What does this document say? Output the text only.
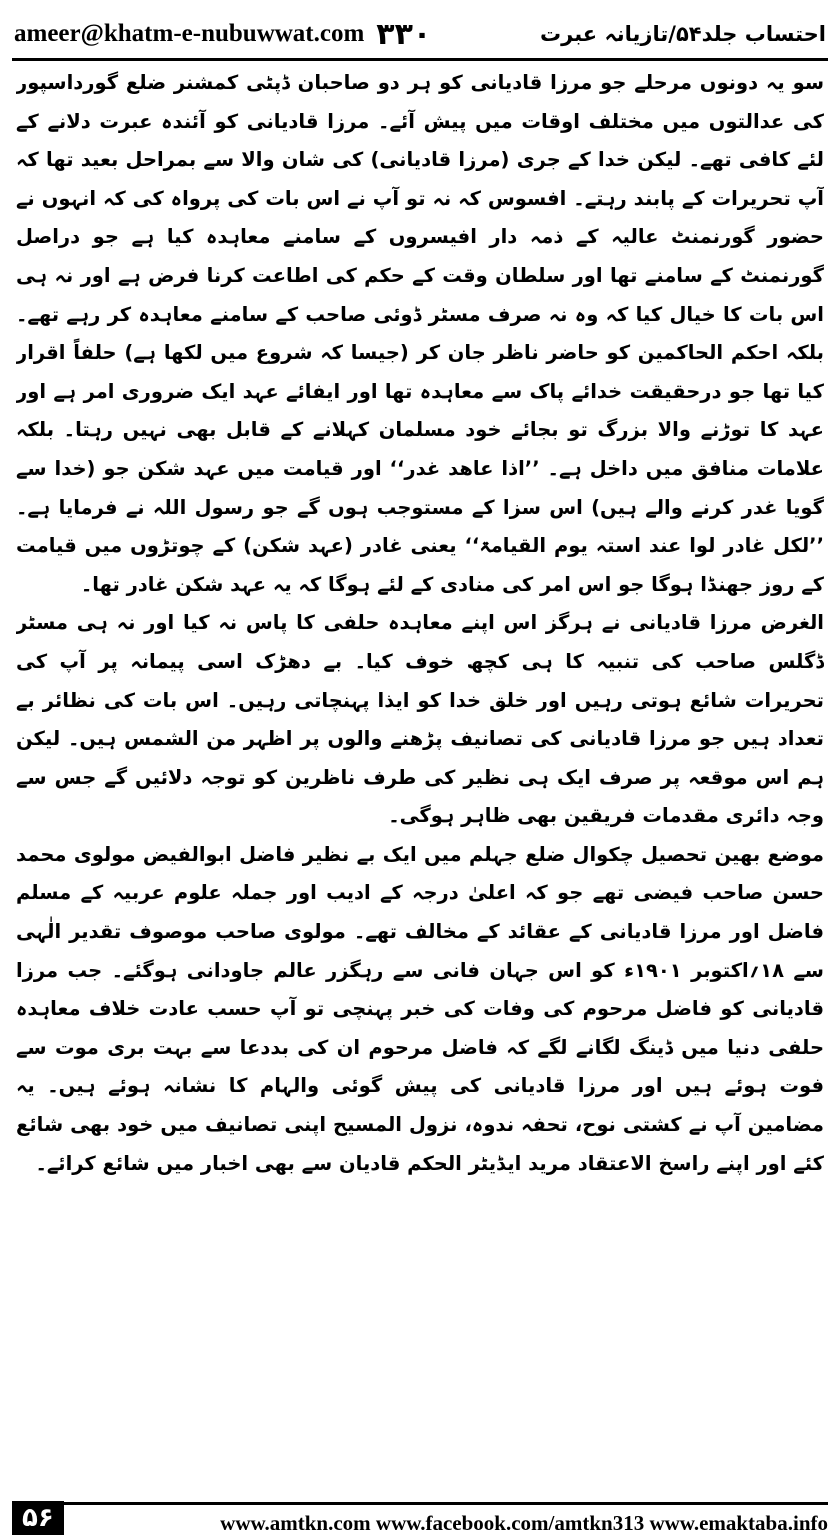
ameer@khatm-e-nubuwwat.com ۳۳۰	احتساب جلد۵۴/تازیانہ عبرت

سو یہ دونوں مرحلے جو مرزا قادیانی کو ہر دو صاحبان ڈپٹی کمشنر ضلع گورداسپور کی عدالتوں میں مختلف اوقات میں پیش آئے۔ مرزا قادیانی کو آئندہ عبرت دلانے کے لئے کافی تھے۔ لیکن خدا کے جری (مرزا قادیانی) کی شان والا سے بمراحل بعید تھا کہ آپ تحریرات کے پابند رہتے۔ افسوس کہ نہ تو آپ نے اس بات کی پرواہ کی کہ انہوں نے حضور گورنمنٹ عالیہ کے ذمہ دار افیسروں کے سامنے معاہدہ کیا ہے جو دراصل گورنمنٹ کے سامنے تھا اور سلطان وقت کے حکم کی اطاعت کرنا فرض ہے اور نہ ہی اس بات کا خیال کیا کہ وہ نہ صرف مسٹر ڈوئی صاحب کے سامنے معاہدہ کر رہے تھے۔ بلکہ احکم الحاکمین کو حاضر ناظر جان کر (جیسا کہ شروع میں لکھا ہے) حلفاً اقرار کیا تھا جو درحقیقت خدائے پاک سے معاہدہ تھا اور ایفائے عہد ایک ضروری امر ہے اور عہد کا توڑنے والا بزرگ تو بجائے خود مسلمان کہلانے کے قابل بھی نہیں رہتا۔ بلکہ علامات منافق میں داخل ہے۔ ’’اذا عاھد غدر‘‘ اور قیامت میں عہد شکن جو (خدا سے گویا غدر کرنے والے ہیں) اس سزا کے مستوجب ہوں گے جو رسول اللہ نے فرمایا ہے۔ ’’لکل غادر لوا عند استہ یوم القیامۃ‘‘ یعنی غادر (عہد شکن) کے چوتڑوں میں قیامت کے روز جھنڈا ہوگا جو اس امر کی منادی کے لئے ہوگا کہ یہ عہد شکن غادر تھا۔

الغرض مرزا قادیانی نے ہرگز اس اپنے معاہدہ حلفی کا پاس نہ کیا اور نہ ہی مسٹر ڈگلس صاحب کی تنبیہ کا ہی کچھ خوف کیا۔ بے دھڑک اسی پیمانہ پر آپ کی تحریرات شائع ہوتی رہیں اور خلق خدا کو ایذا پہنچاتی رہیں۔ اس بات کی نظائر بے تعداد ہیں جو مرزا قادیانی کی تصانیف پڑھنے والوں پر اظہر من الشمس ہیں۔ لیکن ہم اس موقعہ پر صرف ایک ہی نظیر کی طرف ناظرین کو توجہ دلائیں گے جس سے وجہ دائری مقدمات فریقین بھی ظاہر ہوگی۔

موضع بھین تحصیل چکوال ضلع جہلم میں ایک بے نظیر فاضل ابوالفیض مولوی محمد حسن صاحب فیضی تھے جو کہ اعلیٰ درجہ کے ادیب اور جملہ علوم عربیہ کے مسلم فاضل اور مرزا قادیانی کے عقائد کے مخالف تھے۔ مولوی صاحب موصوف تقدیر الٰہی سے ۱۸؍اکتوبر ۱۹۰۱ء کو اس جہان فانی سے رہگزر عالم جاودانی ہوگئے۔ جب مرزا قادیانی کو فاضل مرحوم کی وفات کی خبر پہنچی تو آپ حسب عادت خلاف معاہدہ حلفی دنیا میں ڈینگ لگانے لگے کہ فاضل مرحوم ان کی بددعا سے بہت بری موت سے فوت ہوئے ہیں اور مرزا قادیانی کی پیش گوئی والہام کا نشانہ ہوئے ہیں۔ یہ مضامین آپ نے کشتی نوح، تحفہ ندوہ، نزول المسیح اپنی تصانیف میں خود بھی شائع کئے اور اپنے راسخ الاعتقاد مرید ایڈیٹر الحکم قادیان سے بھی اخبار میں شائع کرائے۔

۵۶	www.amtkn.com www.facebook.com/amtkn313 www.emaktaba.info
